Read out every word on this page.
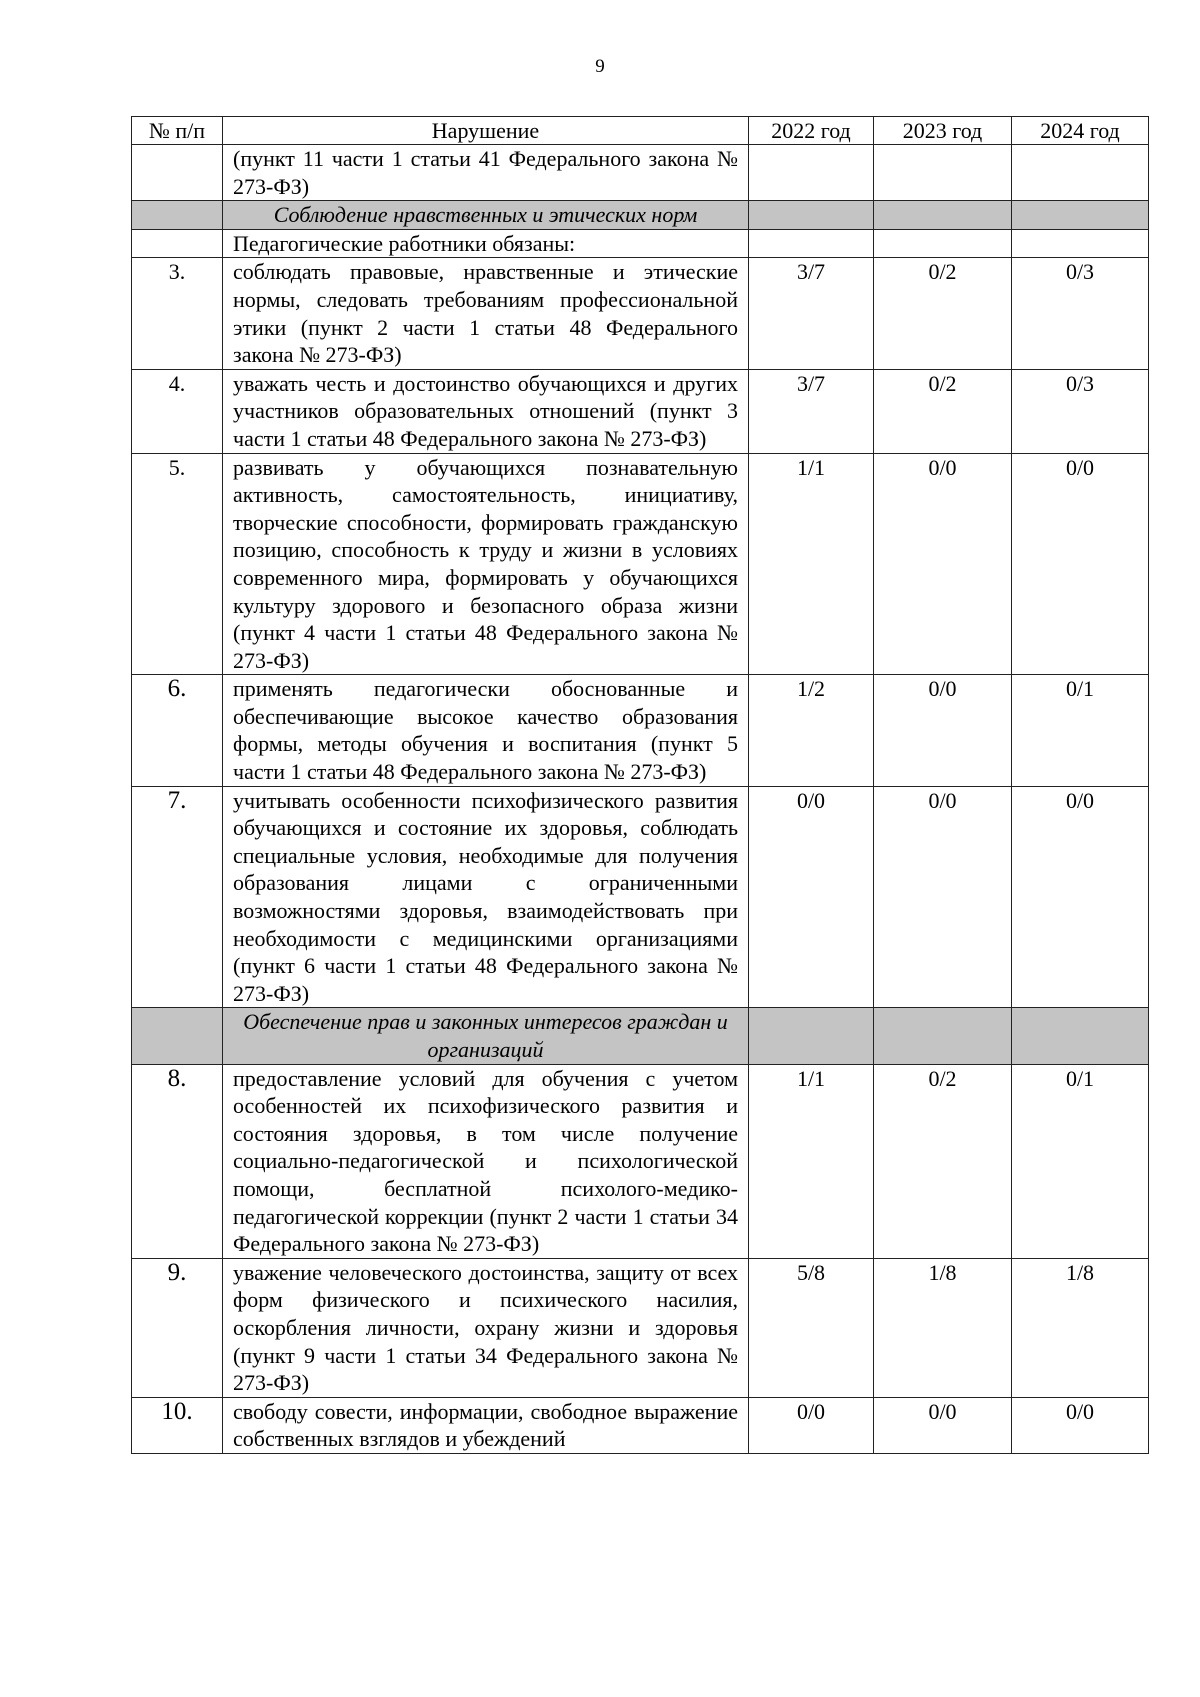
9
№ п/п	Нарушение	2022 год	2023 год	2024 год
	(пункт 11 части 1 статьи 41 Федерального закона № 273-ФЗ)			
	Соблюдение нравственных и этических норм			
	Педагогические работники обязаны:			
3.	соблюдать правовые, нравственные и этические нормы, следовать требованиям профессиональной этики (пункт 2 части 1 статьи 48 Федерального закона № 273-ФЗ)	3/7	0/2	0/3
4.	уважать честь и достоинство обучающихся и других участников образовательных отношений (пункт 3 части 1 статьи 48 Федерального закона № 273-ФЗ)	3/7	0/2	0/3
5.	развивать у обучающихся познавательную активность, самостоятельность, инициативу, творческие способности, формировать гражданскую позицию, способность к труду и жизни в условиях современного мира, формировать у обучающихся культуру здорового и безопасного образа жизни (пункт 4 части 1 статьи 48 Федерального закона № 273-ФЗ)	1/1	0/0	0/0
6.	применять педагогически обоснованные и обеспечивающие высокое качество образования формы, методы обучения и воспитания (пункт 5 части 1 статьи 48 Федерального закона № 273-ФЗ)	1/2	0/0	0/1
7.	учитывать особенности психофизического развития обучающихся и состояние их здоровья, соблюдать специальные условия, необходимые для получения образования лицами с ограниченными возможностями здоровья, взаимодействовать при необходимости с медицинскими организациями (пункт 6 части 1 статьи 48 Федерального закона № 273-ФЗ)	0/0	0/0	0/0
	Обеспечение прав и законных интересов граждан и организаций			
8.	предоставление условий для обучения с учетом особенностей их психофизического развития и состояния здоровья, в том числе получение социально-педагогической и психологической помощи, бесплатной психолого-медико-педагогической коррекции (пункт 2 части 1 статьи 34 Федерального закона № 273-ФЗ)	1/1	0/2	0/1
9.	уважение человеческого достоинства, защиту от всех форм физического и психического насилия, оскорбления личности, охрану жизни и здоровья (пункт 9 части 1 статьи 34 Федерального закона № 273-ФЗ)	5/8	1/8	1/8
10.	свободу совести, информации, свободное выражение собственных взглядов и убеждений	0/0	0/0	0/0
